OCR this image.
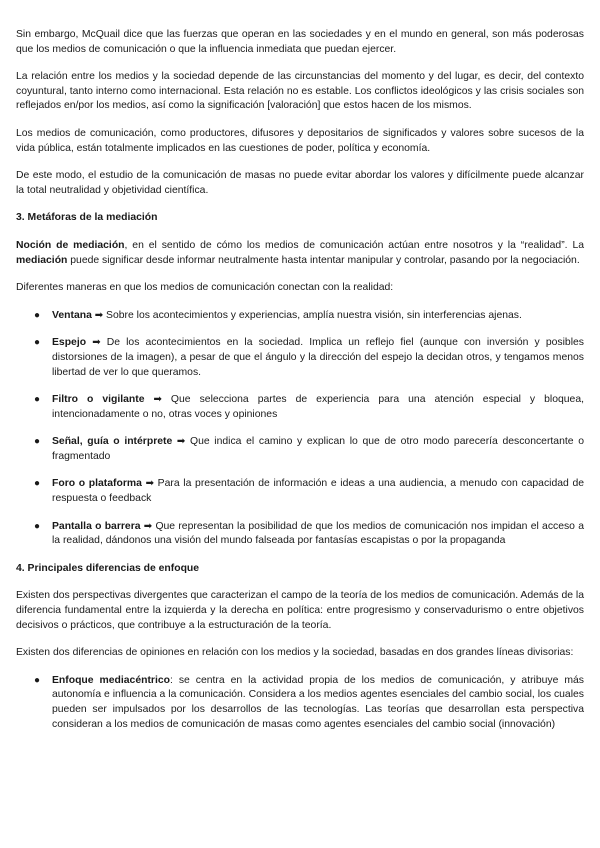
Sin embargo, McQuail dice que las fuerzas que operan en las sociedades y en el mundo en general, son más poderosas que los medios de comunicación o que la influencia inmediata que puedan ejercer.

La relación entre los medios y la sociedad depende de las circunstancias del momento y del lugar, es decir, del contexto coyuntural, tanto interno como internacional. Esta relación no es estable. Los conflictos ideológicos y las crisis sociales son reflejados en/por los medios, así como la significación [valoración] que estos hacen de los mismos.

Los medios de comunicación, como productores, difusores y depositarios de significados y valores sobre sucesos de la vida pública, están totalmente implicados en las cuestiones de poder, política y economía.

De este modo, el estudio de la comunicación de masas no puede evitar abordar los valores y difícilmente puede alcanzar la total neutralidad y objetividad científica.

3. Metáforas de la mediación

Noción de mediación, en el sentido de cómo los medios de comunicación actúan entre nosotros y la “realidad”. La mediación puede significar desde informar neutralmente hasta intentar manipular y controlar, pasando por la negociación.

Diferentes maneras en que los medios de comunicación conectan con la realidad:

● Ventana ➡ Sobre los acontecimientos y experiencias, amplía nuestra visión, sin interferencias ajenas.
● Espejo ➡ De los acontecimientos en la sociedad. Implica un reflejo fiel (aunque con inversión y posibles distorsiones de la imagen), a pesar de que el ángulo y la dirección del espejo la decidan otros, y tengamos menos libertad de ver lo que queramos.
● Filtro o vigilante ➡ Que selecciona partes de experiencia para una atención especial y bloquea, intencionadamente o no, otras voces y opiniones
● Señal, guía o intérprete ➡ Que indica el camino y explican lo que de otro modo parecería desconcertante o fragmentado
● Foro o plataforma ➡ Para la presentación de información e ideas a una audiencia, a menudo con capacidad de respuesta o feedback
● Pantalla o barrera ➡ Que representan la posibilidad de que los medios de comunicación nos impidan el acceso a la realidad, dándonos una visión del mundo falseada por fantasías escapistas o por la propaganda
4. Principales diferencias de enfoque

Existen dos perspectivas divergentes que caracterizan el campo de la teoría de los medios de comunicación. Además de la diferencia fundamental entre la izquierda y la derecha en política: entre progresismo y conservadurismo o entre objetivos decisivos o prácticos, que contribuye a la estructuración de la teoría.

Existen dos diferencias de opiniones en relación con los medios y la sociedad, basadas en dos grandes líneas divisorias:

● Enfoque mediacéntrico: se centra en la actividad propia de los medios de comunicación, y atribuye más autonomía e influencia a la comunicación. Considera a los medios agentes esenciales del cambio social, los cuales pueden ser impulsados por los desarrollos de las tecnologías. Las teorías que desarrollan esta perspectiva consideran a los medios de comunicación de masas como agentes esenciales del cambio social (innovación)
